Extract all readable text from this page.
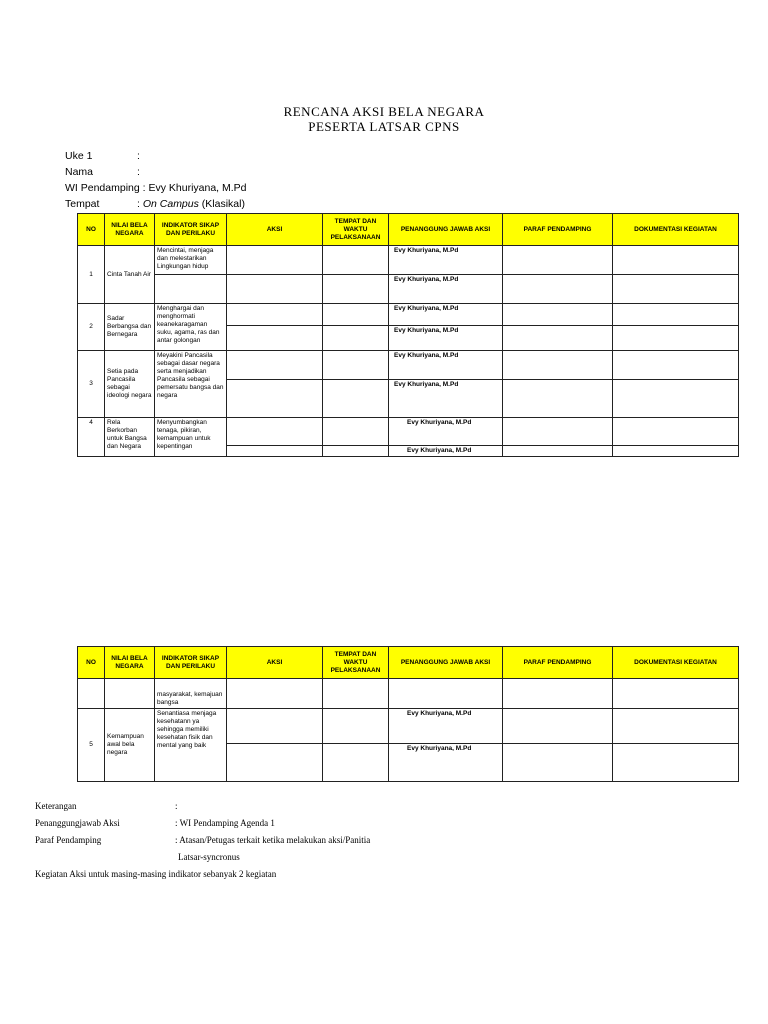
RENCANA AKSI BELA NEGARA
PESERTA LATSAR CPNS
Uke 1	:
Nama	:
WI Pendamping : Evy Khuriyana, M.Pd
Tempat	: On Campus (Klasikal)
NO	NILAI BELA NEGARA	INDIKATOR SIKAP DAN PERILAKU	AKSI	TEMPAT DAN WAKTU PELAKSANAAN	PENANGGUNG JAWAB AKSI	PARAF PENDAMPING	DOKUMENTASI KEGIATAN
1	Cinta Tanah Air	Mencintai, menjaga dan melestarikan Lingkungan hidup			Evy Khuriyana, M.Pd		
					Evy Khuriyana, M.Pd		
2	Sadar Berbangsa dan Bernegara	Menghargai dan menghormati keanekaragaman suku, agama, ras dan antar golongan			Evy Khuriyana, M.Pd		
					Evy Khuriyana, M.Pd		
3	Setia pada Pancasila sebagai ideologi negara	Meyakini Pancasila sebagai dasar negara serta menjadikan Pancasila sebagai pemersatu bangsa dan negara			Evy Khuriyana, M.Pd		
					Evy Khuriyana, M.Pd		
4	Rela Berkorban untuk Bangsa dan Negara	Menyumbangkan tenaga, pikiran, kemampuan untuk kepentingan			Evy Khuriyana, M.Pd		
					Evy Khuriyana, M.Pd		
NO	NILAI BELA NEGARA	INDIKATOR SIKAP DAN PERILAKU	AKSI	TEMPAT DAN WAKTU PELAKSANAAN	PENANGGUNG JAWAB AKSI	PARAF PENDAMPING	DOKUMENTASI KEGIATAN
		masyarakat, kemajuan bangsa					
5	Kemampuan awal bela negara	Senantiasa menjaga kesehatann ya sehingga memiliki kesehatan fisik dan mental yang baik			Evy Khuriyana, M.Pd		
					Evy Khuriyana, M.Pd		
Keterangan	:
Penanggungjawab Aksi	: WI Pendamping Agenda 1
Paraf Pendamping	: Atasan/Petugas terkait ketika melakukan aksi/Panitia
Latsar-syncronus
Kegiatan Aksi untuk masing-masing indikator sebanyak 2 kegiatan
